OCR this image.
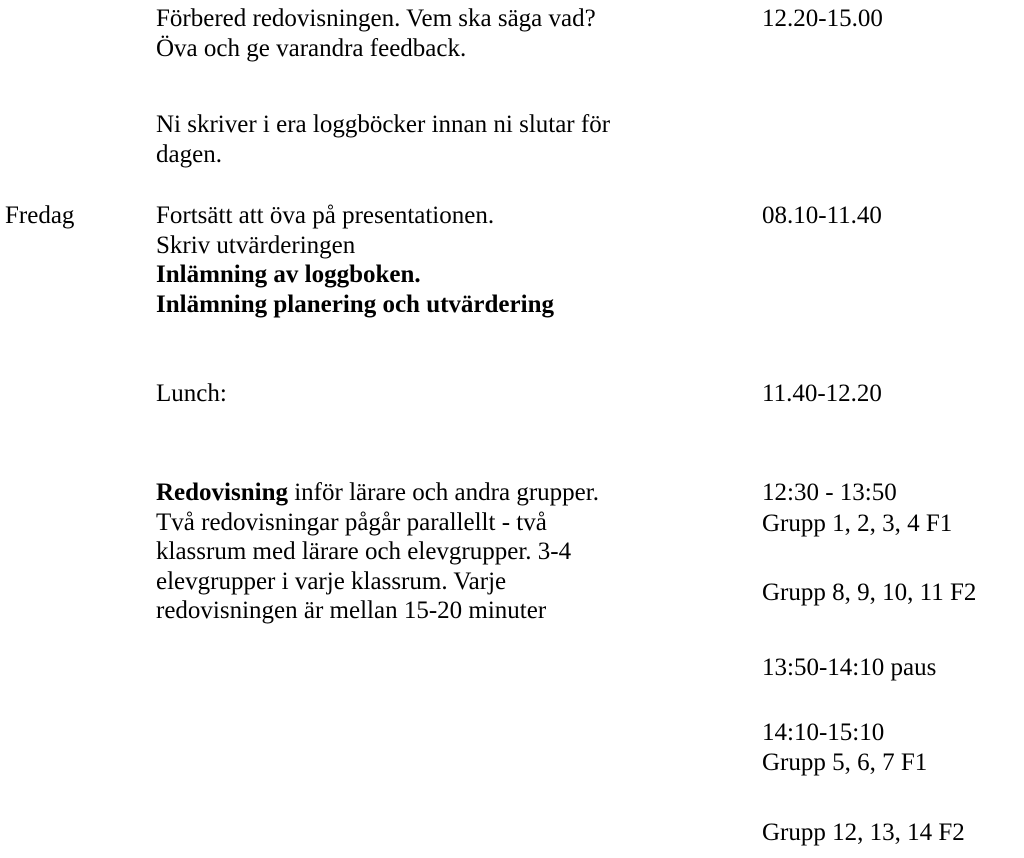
Förbered redovisningen. Vem ska säga vad?
Öva och ge varandra feedback.
12.20-15.00
Ni skriver i era loggböcker innan ni slutar för
dagen.
Fredag	Fortsätt att öva på presentationen.
Skriv utvärderingen
Inlämning av loggboken.
Inlämning planering och utvärdering
08.10-11.40
Lunch:	11.40-12.20
Redovisning inför lärare och andra grupper.
Två redovisningar pågår parallellt - två
klassrum med lärare och elevgrupper. 3-4
elevgrupper i varje klassrum. Varje
redovisningen är mellan 15-20 minuter
12:30 - 13:50
Grupp 1, 2, 3, 4 F1
Grupp 8, 9, 10, 11 F2
13:50-14:10 paus
14:10-15:10
Grupp 5, 6, 7 F1
Grupp 12, 13, 14 F2
